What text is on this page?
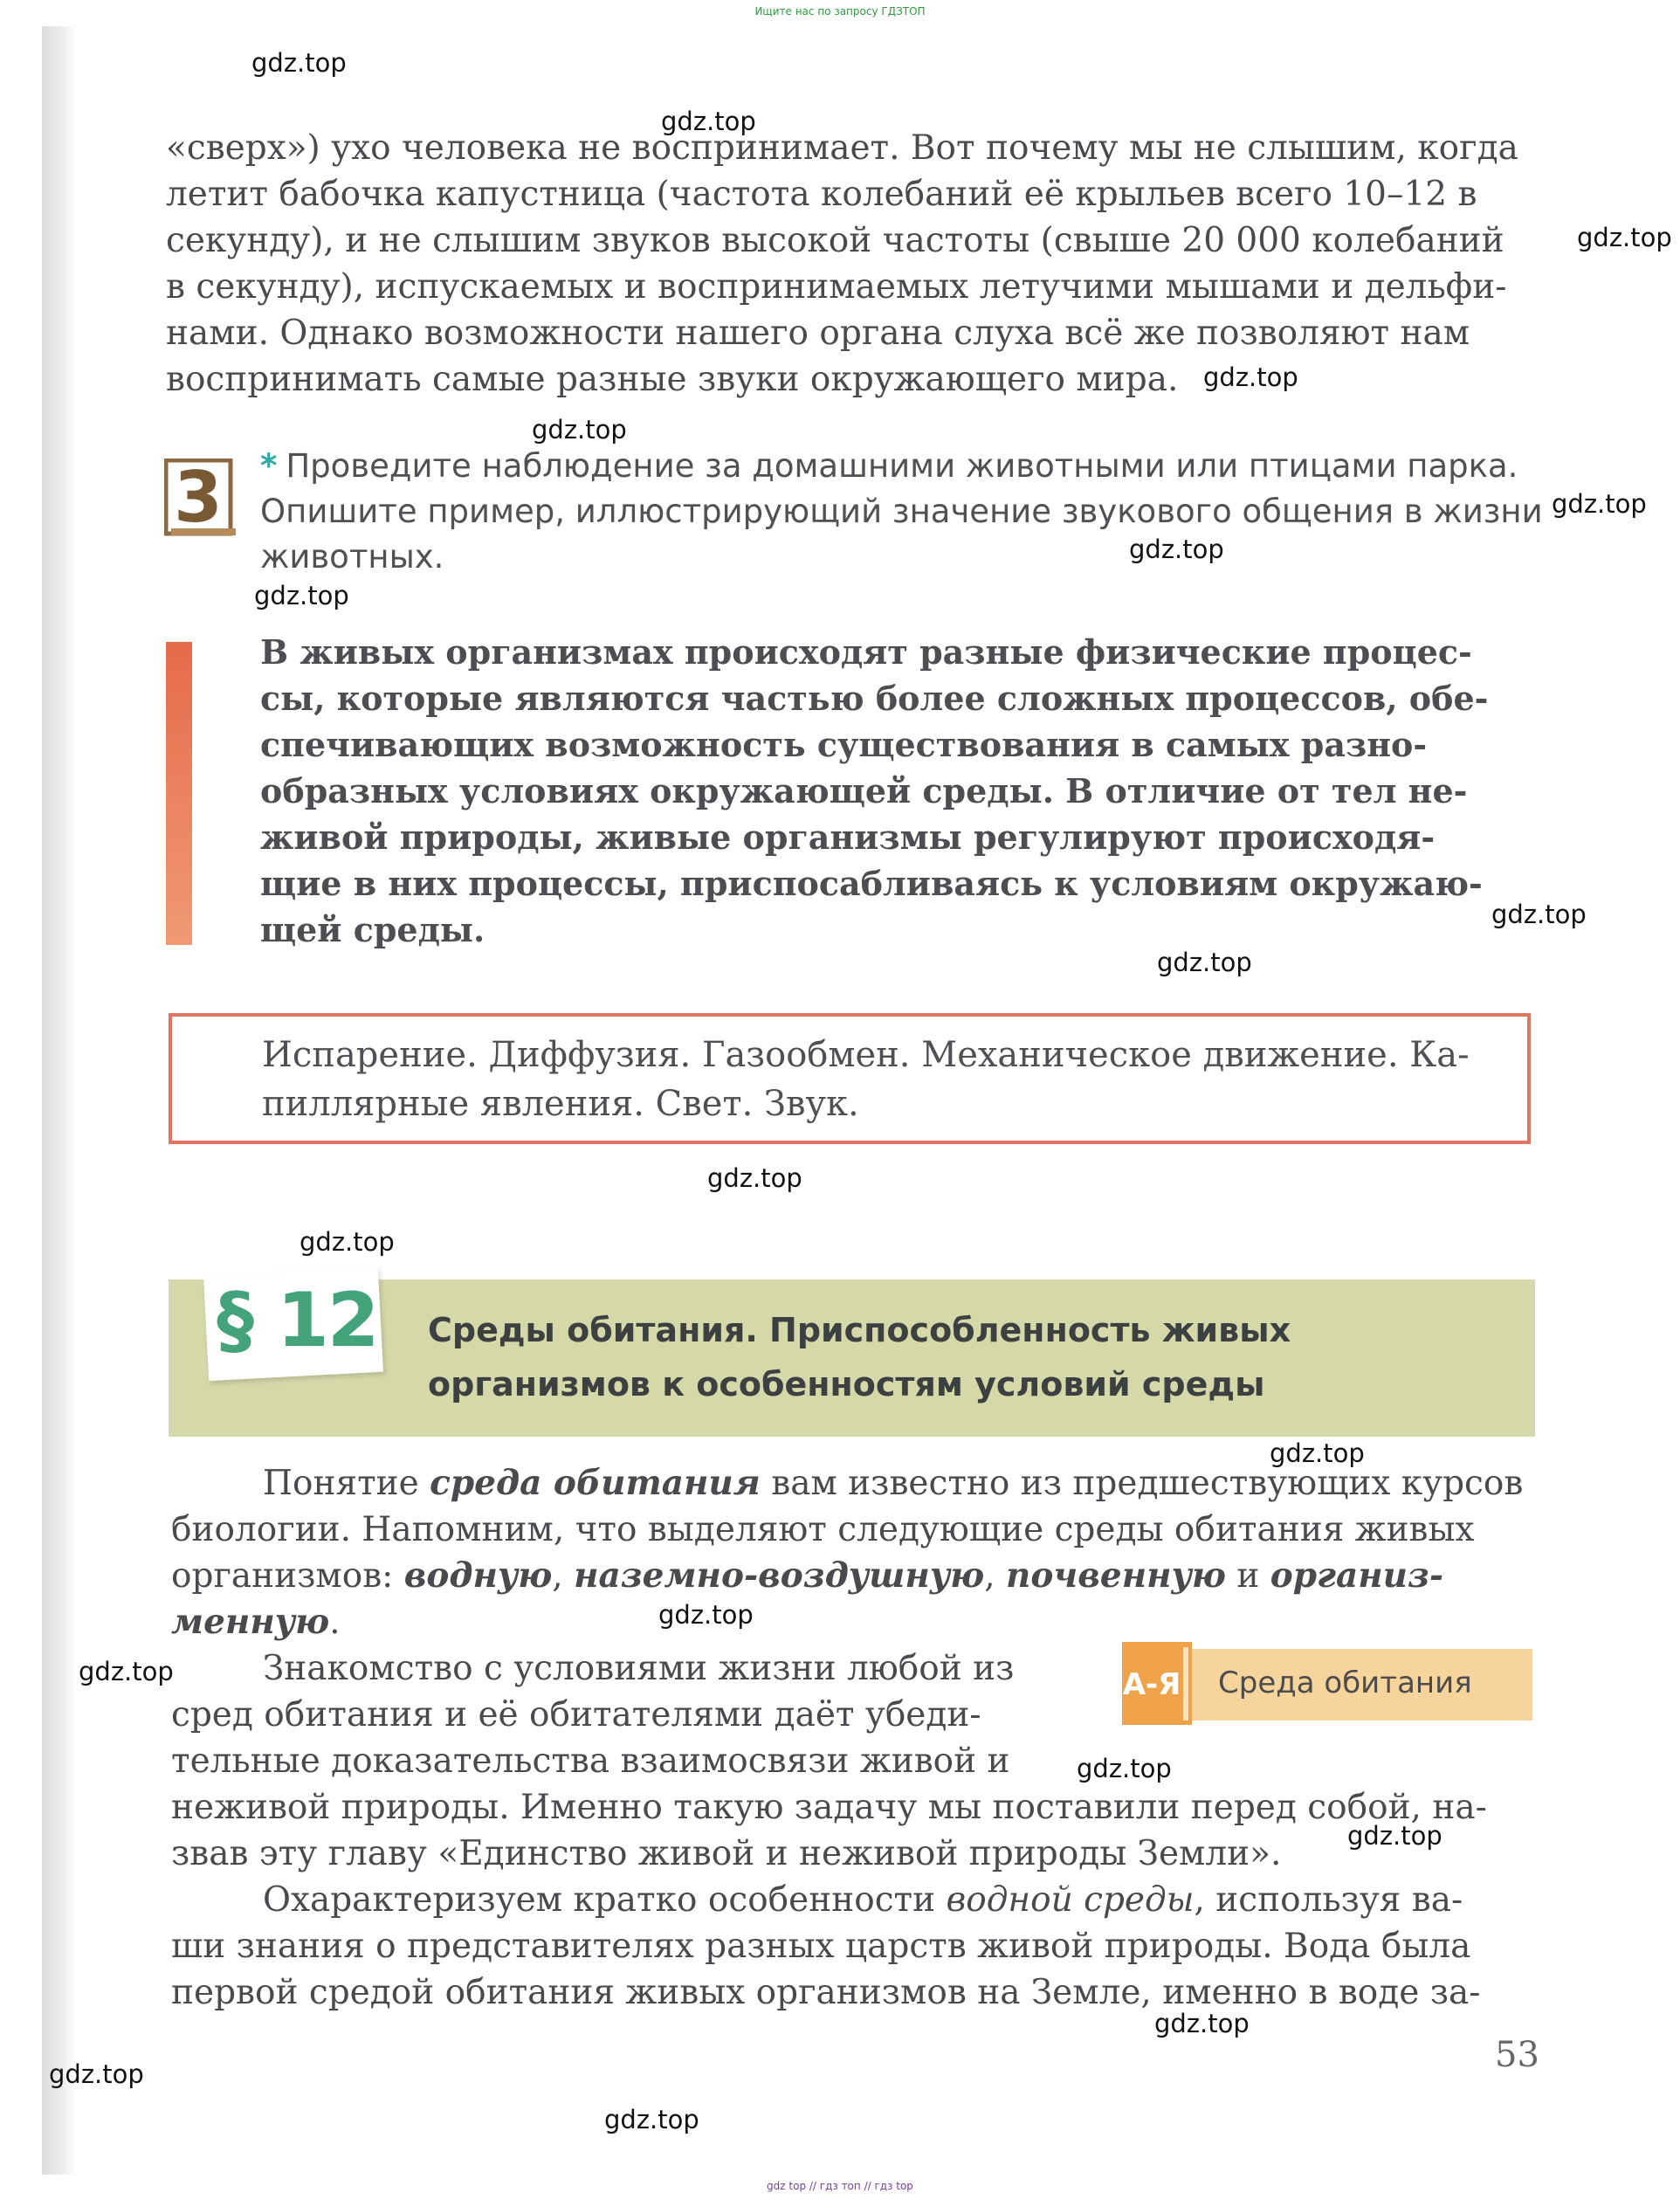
Ищите нас по запросу ГДЗТОП
«сверх») ухо человека не воспринимает. Вот почему мы не слышим, когда
летит бабочка капустница (частота колебаний её крыльев всего 10–12 в
секунду), и не слышим звуков высокой частоты (свыше 20 000 колебаний
в секунду), испускаемых и воспринимаемых летучими мышами и дельфи-
нами. Однако возможности нашего органа слуха всё же позволяют нам
воспринимать самые разные звуки окружающего мира.
3 * Проведите наблюдение за домашними животными или птицами парка.
Опишите пример, иллюстрирующий значение звукового общения в жизни
животных.
В живых организмах происходят разные физические процес-
сы, которые являются частью более сложных процессов, обе-
спечивающих возможность существования в самых разно-
образных условиях окружающей среды. В отличие от тел не-
живой природы, живые организмы регулируют происходя-
щие в них процессы, приспосабливаясь к условиям окружаю-
щей среды.
Испарение. Диффузия. Газообмен. Механическое движение. Ка-
пиллярные явления. Свет. Звук.
§ 12 Среды обитания. Приспособленность живых
организмов к особенностям условий среды
Понятие среда обитания вам известно из предшествующих курсов
биологии. Напомним, что выделяют следующие среды обитания живых
организмов: водную, наземно-воздушную, почвенную и организ-
менную.
Знакомство с условиями жизни любой из
сред обитания и её обитателями даёт убеди-
тельные доказательства взаимосвязи живой и
неживой природы. Именно такую задачу мы поставили перед собой, на-
звав эту главу «Единство живой и неживой природы Земли».
А-Я Среда обитания
Охарактеризуем кратко особенности водной среды, используя ва-
ши знания о представителях разных царств живой природы. Вода была
первой средой обитания живых организмов на Земле, именно в воде за-
53
gdz.top
gdz.top
gdz.top
gdz.top
gdz.top
gdz.top
gdz.top
gdz.top
gdz.top
gdz.top
gdz.top
gdz.top
gdz.top
gdz.top
gdz.top
gdz.top
gdz.top
gdz.top
gdz.top
gdz.top
gdz top // гдз топ // гдз top
